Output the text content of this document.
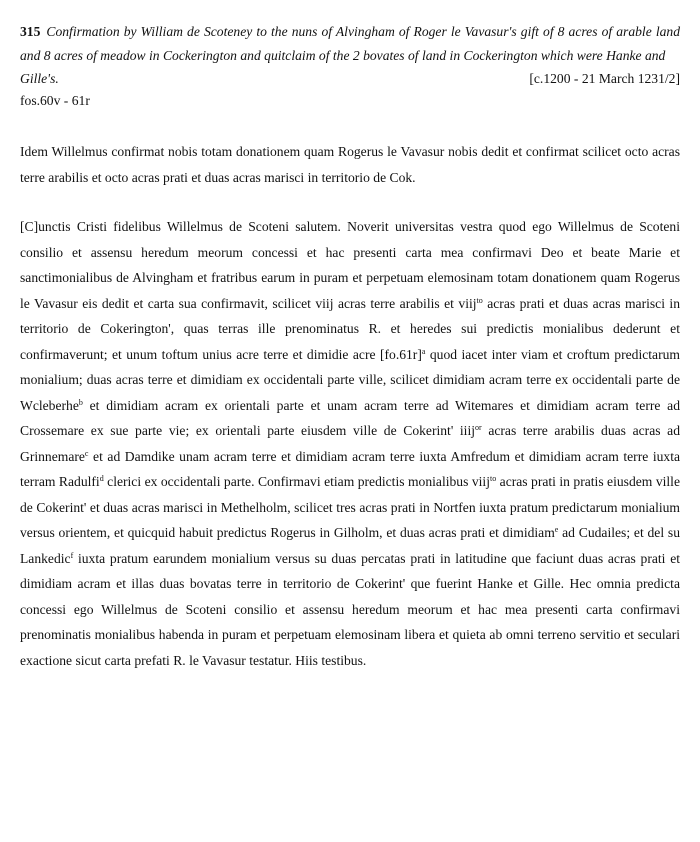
315 Confirmation by William de Scoteney to the nuns of Alvingham of Roger le Vavasur's gift of 8 acres of arable land and 8 acres of meadow in Cockerington and quitclaim of the 2 bovates of land in Cockerington which were Hanke and
Gille's.	[c.1200 - 21 March 1231/2]
fos.60v - 61r
Idem Willelmus confirmat nobis totam donationem quam Rogerus le Vavasur nobis dedit et confirmat scilicet octo acras terre arabilis et octo acras prati et duas acras marisci in territorio de Cok.
[C]unctis Cristi fidelibus Willelmus de Scoteni salutem. Noverit universitas vestra quod ego Willelmus de Scoteni consilio et assensu heredum meorum concessi et hac presenti carta mea confirmavi Deo et beate Marie et sanctimonialibus de Alvingham et fratribus earum in puram et perpetuam elemosinam totam donationem quam Rogerus le Vavasur eis dedit et carta sua confirmavit, scilicet viij acras terre arabilis et viij$^{to}$ acras prati et duas acras marisci in territorio de Cokerington', quas terras ille prenominatus R. et heredes sui predictis monialibus dederunt et confirmaverunt; et unum toftum unius acre terre et dimidie acre $[fo.61r]^a$ quod iacet inter viam et croftum predictarum monialium; duas acras terre et dimidiam ex occidentali parte ville, scilicet dimidiam acram terre ex occidentali parte de Wcleberhe$^b$ et dimidiam acram ex orientali parte et unam acram terre ad Witemares et dimidiam acram terre ad Crossemare ex sue parte vie; ex orientali parte eiusdem ville de Cokerint' iiij$^{or}$ acras terre arabilis duas acras ad Grinnemare$^c$ et ad Damdike unam acram terre et dimidiam acram terre iuxta Amfredum et dimidiam acram terre iuxta terram Radulfi$^d$ clerici ex occidentali parte. Confirmavi etiam predictis monialibus viij$^{to}$ acras prati in pratis eiusdem ville de Cokerint' et duas acras marisci in Methelholm, scilicet tres acras prati in Nortfen iuxta pratum predictarum monialium versus orientem, et quicquid habuit predictus Rogerus in Gilholm, et duas acras prati et dimidiam$^e$ ad Cudailes; et del su Lankedic$^f$ iuxta pratum earundem monialium versus su duas percatas prati in latitudine que faciunt duas acras prati et dimidiam acram et illas duas bovatas terre in territorio de Cokerint' que fuerint Hanke et Gille. Hec omnia predicta concessi ego Willelmus de Scoteni consilio et assensu heredum meorum et hac mea presenti carta confirmavi prenominatis monialibus habenda in puram et perpetuam elemosinam libera et quieta ab omni terreno servitio et seculari exactione sicut carta prefati R. le Vavasur testatur. Hiis testibus.
